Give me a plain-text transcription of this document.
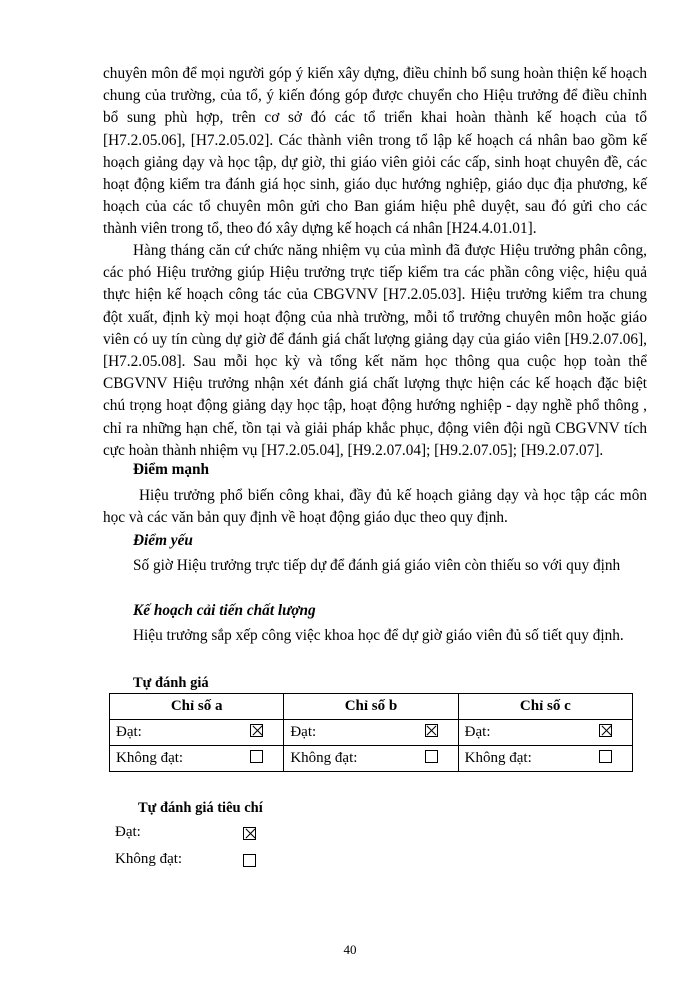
chuyên môn để mọi người góp ý kiến xây dựng, điều chỉnh bổ sung hoàn thiện kế hoạch chung của trường, của tổ, ý kiến đóng góp được chuyển cho Hiệu trưởng để điều chỉnh bổ sung phù hợp, trên cơ sở đó các tổ triển khai hoàn thành kế hoạch của tổ [H7.2.05.06], [H7.2.05.02]. Các thành viên trong tổ lập kế hoạch cá nhân bao gồm kế hoạch giảng dạy và học tập, dự giờ, thi giáo viên giỏi các cấp, sinh hoạt chuyên đề, các hoạt động kiểm tra đánh giá học sinh, giáo dục hướng nghiệp, giáo dục địa phương, kế hoạch của các tổ chuyên môn gửi cho Ban giám hiệu phê duyệt, sau đó gửi cho các thành viên trong tổ, theo đó xây dựng kế hoạch cá nhân [H24.4.01.01].

Hàng tháng căn cứ chức năng nhiệm vụ của mình đã được Hiệu trưởng phân công, các phó Hiệu trưởng giúp Hiệu trưởng trực tiếp kiểm tra các phần công việc, hiệu quả thực hiện kế hoạch công tác của CBGVNV [H7.2.05.03]. Hiệu trưởng kiểm tra chung đột xuất, định kỳ mọi hoạt động của nhà trường, mỗi tổ trưởng chuyên môn hoặc giáo viên có uy tín cùng dự giờ để đánh giá chất lượng giảng dạy của giáo viên [H9.2.07.06], [H7.2.05.08]. Sau mỗi học kỳ và tổng kết năm học thông qua cuộc họp toàn thể CBGVNV Hiệu trưởng nhận xét đánh giá chất lượng thực hiện các kế hoạch đặc biệt chú trọng hoạt động giảng dạy học tập, hoạt động hướng nghiệp - dạy nghề phổ thông , chỉ ra những hạn chế, tồn tại và giải pháp khắc phục, động viên đội ngũ CBGVNV tích cực hoàn thành nhiệm vụ [H7.2.05.04], [H9.2.07.04]; [H9.2.07.05]; [H9.2.07.07].

Điểm mạnh

Hiệu trưởng phổ biến công khai, đầy đủ kế hoạch giảng dạy và học tập các môn học và các văn bản quy định về hoạt động giáo dục theo quy định.

Điểm yếu

Số giờ Hiệu trưởng trực tiếp dự để đánh giá giáo viên còn thiếu so với quy định

Kế hoạch cải tiến chất lượng

Hiệu trưởng sắp xếp công việc khoa học để dự giờ giáo viên đủ số tiết quy định.

Tự đánh giá

Chỉ số a	Chỉ số b	Chỉ số c

Đạt:	Đạt:	Đạt:

Không đạt:	Không đạt:	Không đạt:

Tự đánh giá tiêu chí

Đạt:
Không đạt:
40
